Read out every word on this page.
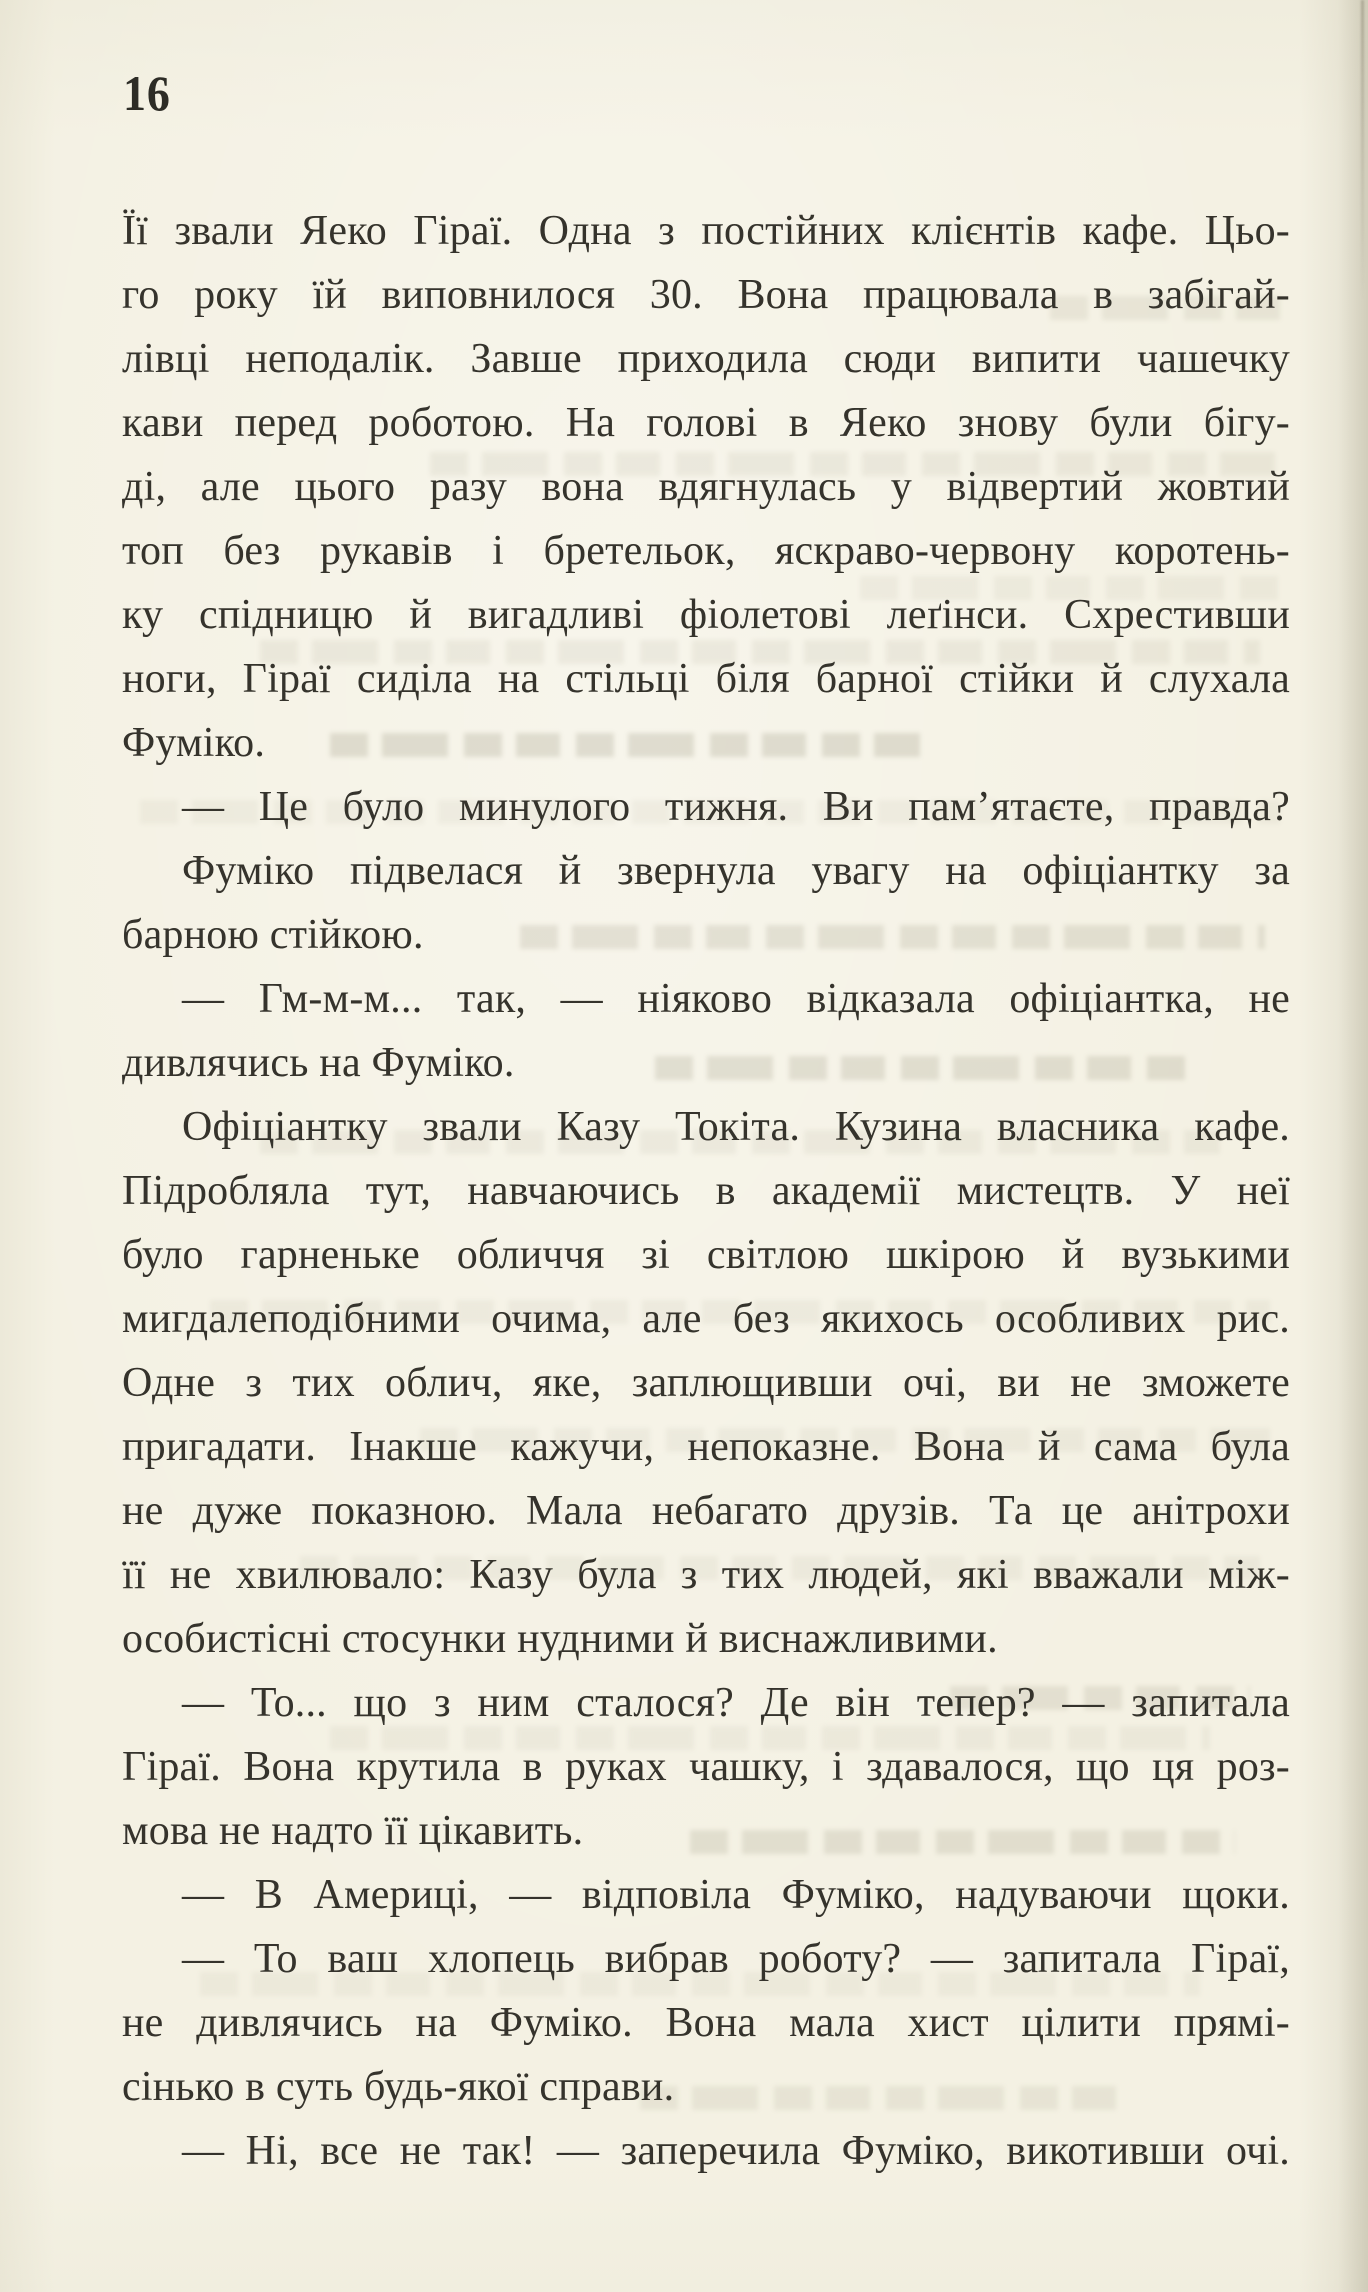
16
Її звали Яеко Гіраї. Одна з постійних клієнтів кафе. Цьо-
го року їй виповнилося 30. Вона працювала в забігай-
лівці неподалік. Завше приходила сюди випити чашечку
кави перед роботою. На голові в Яеко знову були бігу-
ді, але цього разу вона вдягнулась у відвертий жовтий
топ без рукавів і бретельок, яскраво-червону коротень-
ку спідницю й вигадливі фіолетові леґінси. Схрестивши
ноги, Гіраї сиділа на стільці біля барної стійки й слухала
Фуміко.
— Це було минулого тижня. Ви пам’ятаєте, правда?
Фуміко підвелася й звернула увагу на офіціантку за
барною стійкою.
— Гм-м-м... так, — ніяково відказала офіціантка, не
дивлячись на Фуміко.
Офіціантку звали Казу Токіта. Кузина власника кафе.
Підробляла тут, навчаючись в академії мистецтв. У неї
було гарненьке обличчя зі світлою шкірою й вузькими
мигдалеподібними очима, але без якихось особливих рис.
Одне з тих облич, яке, заплющивши очі, ви не зможете
пригадати. Інакше кажучи, непоказне. Вона й сама була
не дуже показною. Мала небагато друзів. Та це анітрохи
її не хвилювало: Казу була з тих людей, які вважали між-
особистісні стосунки нудними й виснажливими.
— То... що з ним сталося? Де він тепер? — запитала
Гіраї. Вона крутила в руках чашку, і здавалося, що ця роз-
мова не надто її цікавить.
— В Америці, — відповіла Фуміко, надуваючи щоки.
— То ваш хлопець вибрав роботу? — запитала Гіраї,
не дивлячись на Фуміко. Вона мала хист цілити прямі-
сінько в суть будь-якої справи.
— Ні, все не так! — заперечила Фуміко, викотивши очі.
